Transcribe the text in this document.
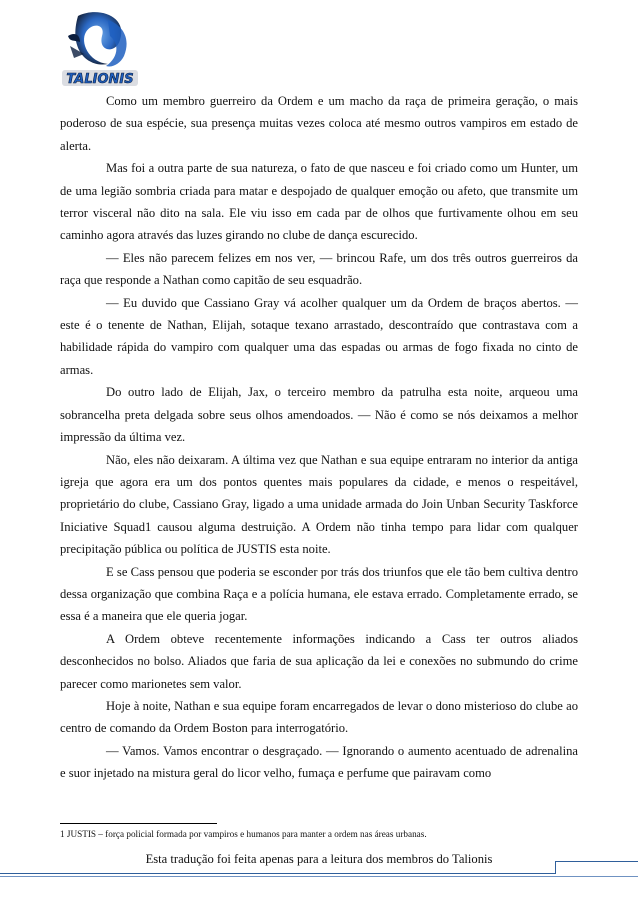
TALIONIS

Como um membro guerreiro da Ordem e um macho da raça de primeira geração, o mais poderoso de sua espécie, sua presença muitas vezes coloca até mesmo outros vampiros em estado de alerta.

Mas foi a outra parte de sua natureza, o fato de que nasceu e foi criado como um Hunter, um de uma legião sombria criada para matar e despojado de qualquer emoção ou afeto, que transmite um terror visceral não dito na sala. Ele viu isso em cada par de olhos que furtivamente olhou em seu caminho agora através das luzes girando no clube de dança escurecido.

― Eles não parecem felizes em nos ver, ― brincou Rafe, um dos três outros guerreiros da raça que responde a Nathan como capitão de seu esquadrão.

― Eu duvido que Cassiano Gray vá acolher qualquer um da Ordem de braços abertos. ― este é o tenente de Nathan, Elijah, sotaque texano arrastado, descontraído que contrastava com a habilidade rápida do vampiro com qualquer uma das espadas ou armas de fogo fixada no cinto de armas.

Do outro lado de Elijah, Jax, o terceiro membro da patrulha esta noite, arqueou uma sobrancelha preta delgada sobre seus olhos amendoados. ― Não é como se nós deixamos a melhor impressão da última vez.

Não, eles não deixaram. A última vez que Nathan e sua equipe entraram no interior da antiga igreja que agora era um dos pontos quentes mais populares da cidade, e menos o respeitável, proprietário do clube, Cassiano Gray, ligado a uma unidade armada do Join Unban Security Taskforce Iniciative Squad1 causou alguma destruição. A Ordem não tinha tempo para lidar com qualquer precipitação pública ou política de JUSTIS esta noite.

E se Cass pensou que poderia se esconder por trás dos triunfos que ele tão bem cultiva dentro dessa organização que combina Raça e a polícia humana, ele estava errado. Completamente errado, se essa é a maneira que ele queria jogar.

A Ordem obteve recentemente informações indicando a Cass ter outros aliados desconhecidos no bolso. Aliados que faria de sua aplicação da lei e conexões no submundo do crime parecer como marionetes sem valor.

Hoje à noite, Nathan e sua equipe foram encarregados de levar o dono misterioso do clube ao centro de comando da Ordem Boston para interrogatório.

― Vamos. Vamos encontrar o desgraçado. ― Ignorando o aumento acentuado de adrenalina e suor injetado na mistura geral do licor velho, fumaça e perfume que pairavam como

1 JUSTIS – força policial formada por vampiros e humanos para manter a ordem nas áreas urbanas.
Esta tradução foi feita apenas para a leitura dos membros do Talionis
